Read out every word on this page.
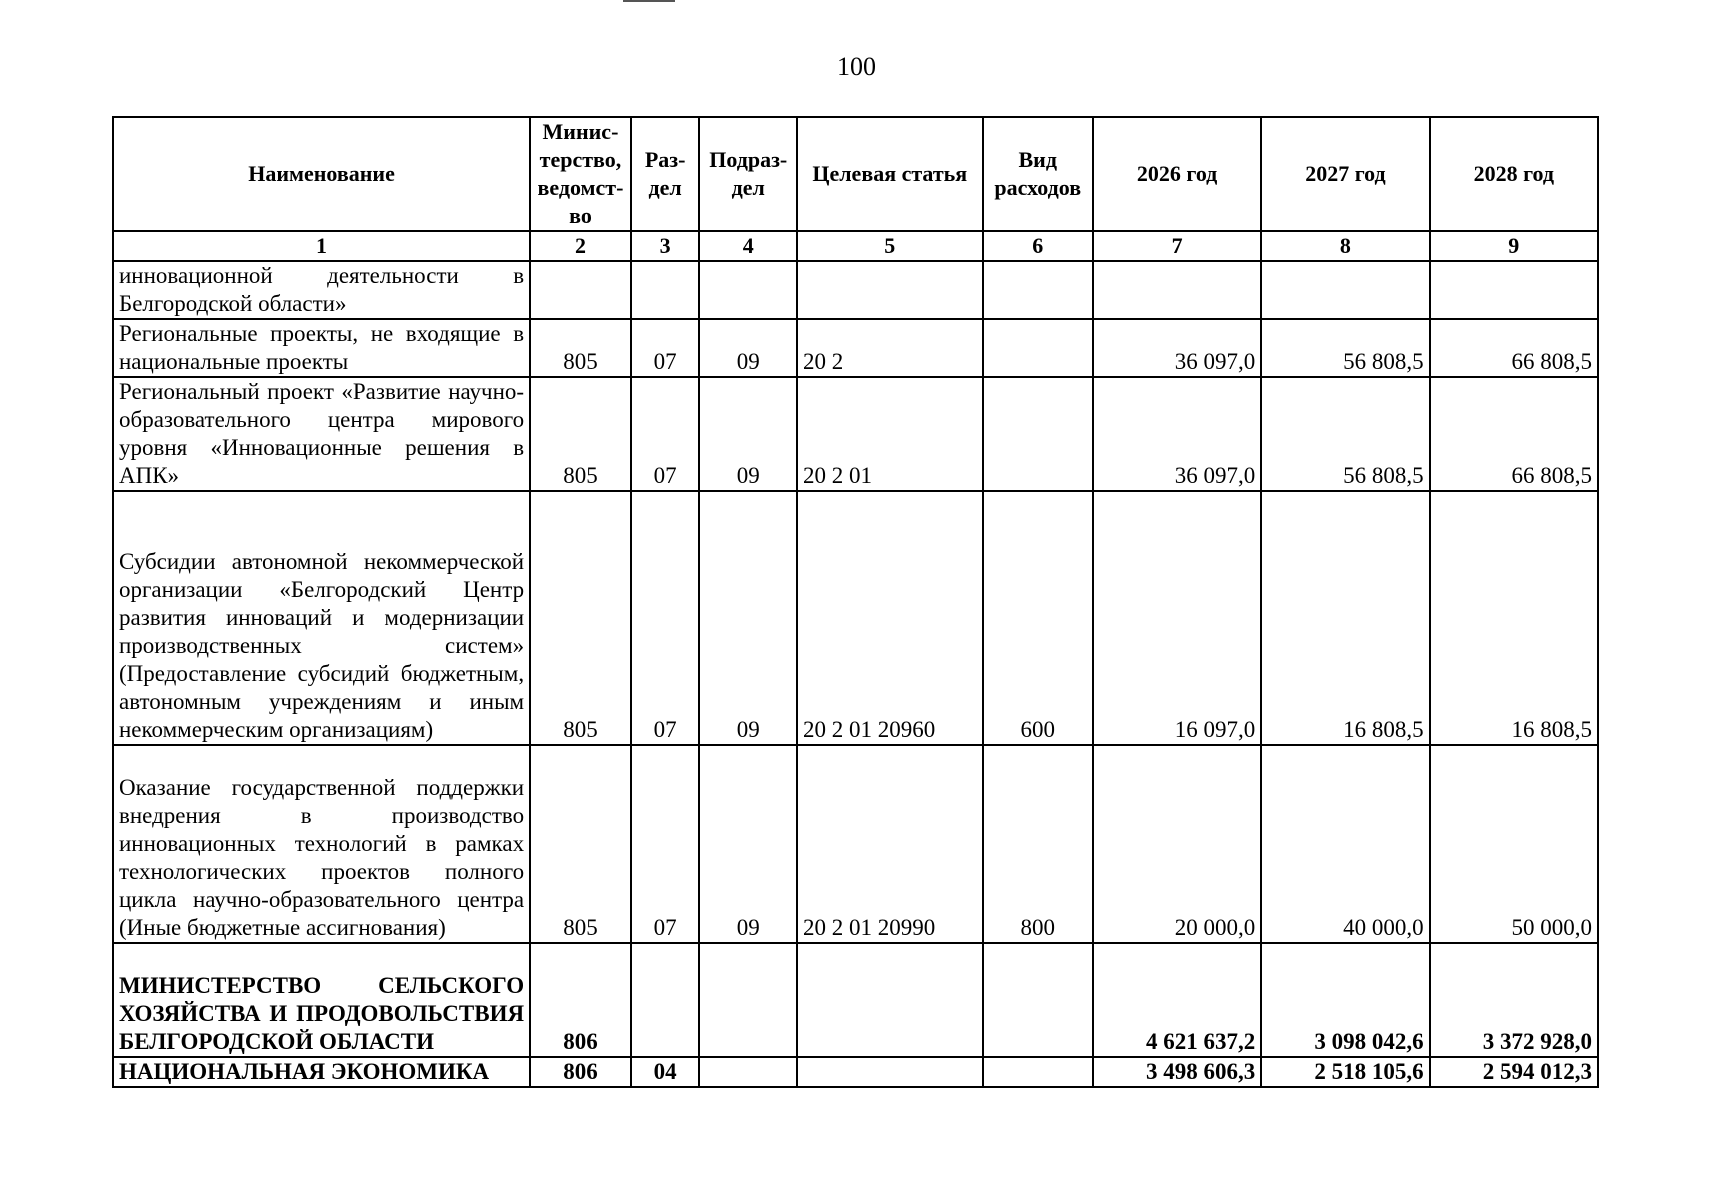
100
Наименование	Минис-терство, ведомст-во	Раз-дел	Подраз-дел	Целевая статья	Вид расходов	2026 год	2027 год	2028 год
1	2	3	4	5	6	7	8	9
инновационной деятельности в Белгородской области»								
Региональные проекты, не входящие в национальные проекты	805	07	09	20 2		36 097,0	56 808,5	66 808,5
Региональный проект «Развитие научно-образовательного центра мирового уровня «Инновационные решения в АПК»	805	07	09	20 2 01		36 097,0	56 808,5	66 808,5
Субсидии автономной некоммерческой организации «Белгородский Центр развития инноваций и модернизации производственных систем» (Предоставление субсидий бюджетным, автономным учреждениям и иным некоммерческим организациям)	805	07	09	20 2 01 20960	600	16 097,0	16 808,5	16 808,5
Оказание государственной поддержки внедрения в производство инновационных технологий в рамках технологических проектов полного цикла научно-образовательного центра (Иные бюджетные ассигнования)	805	07	09	20 2 01 20990	800	20 000,0	40 000,0	50 000,0
МИНИСТЕРСТВО СЕЛЬСКОГО ХОЗЯЙСТВА И ПРОДОВОЛЬСТВИЯ БЕЛГОРОДСКОЙ ОБЛАСТИ	806					4 621 637,2	3 098 042,6	3 372 928,0
НАЦИОНАЛЬНАЯ ЭКОНОМИКА	806	04				3 498 606,3	2 518 105,6	2 594 012,3
